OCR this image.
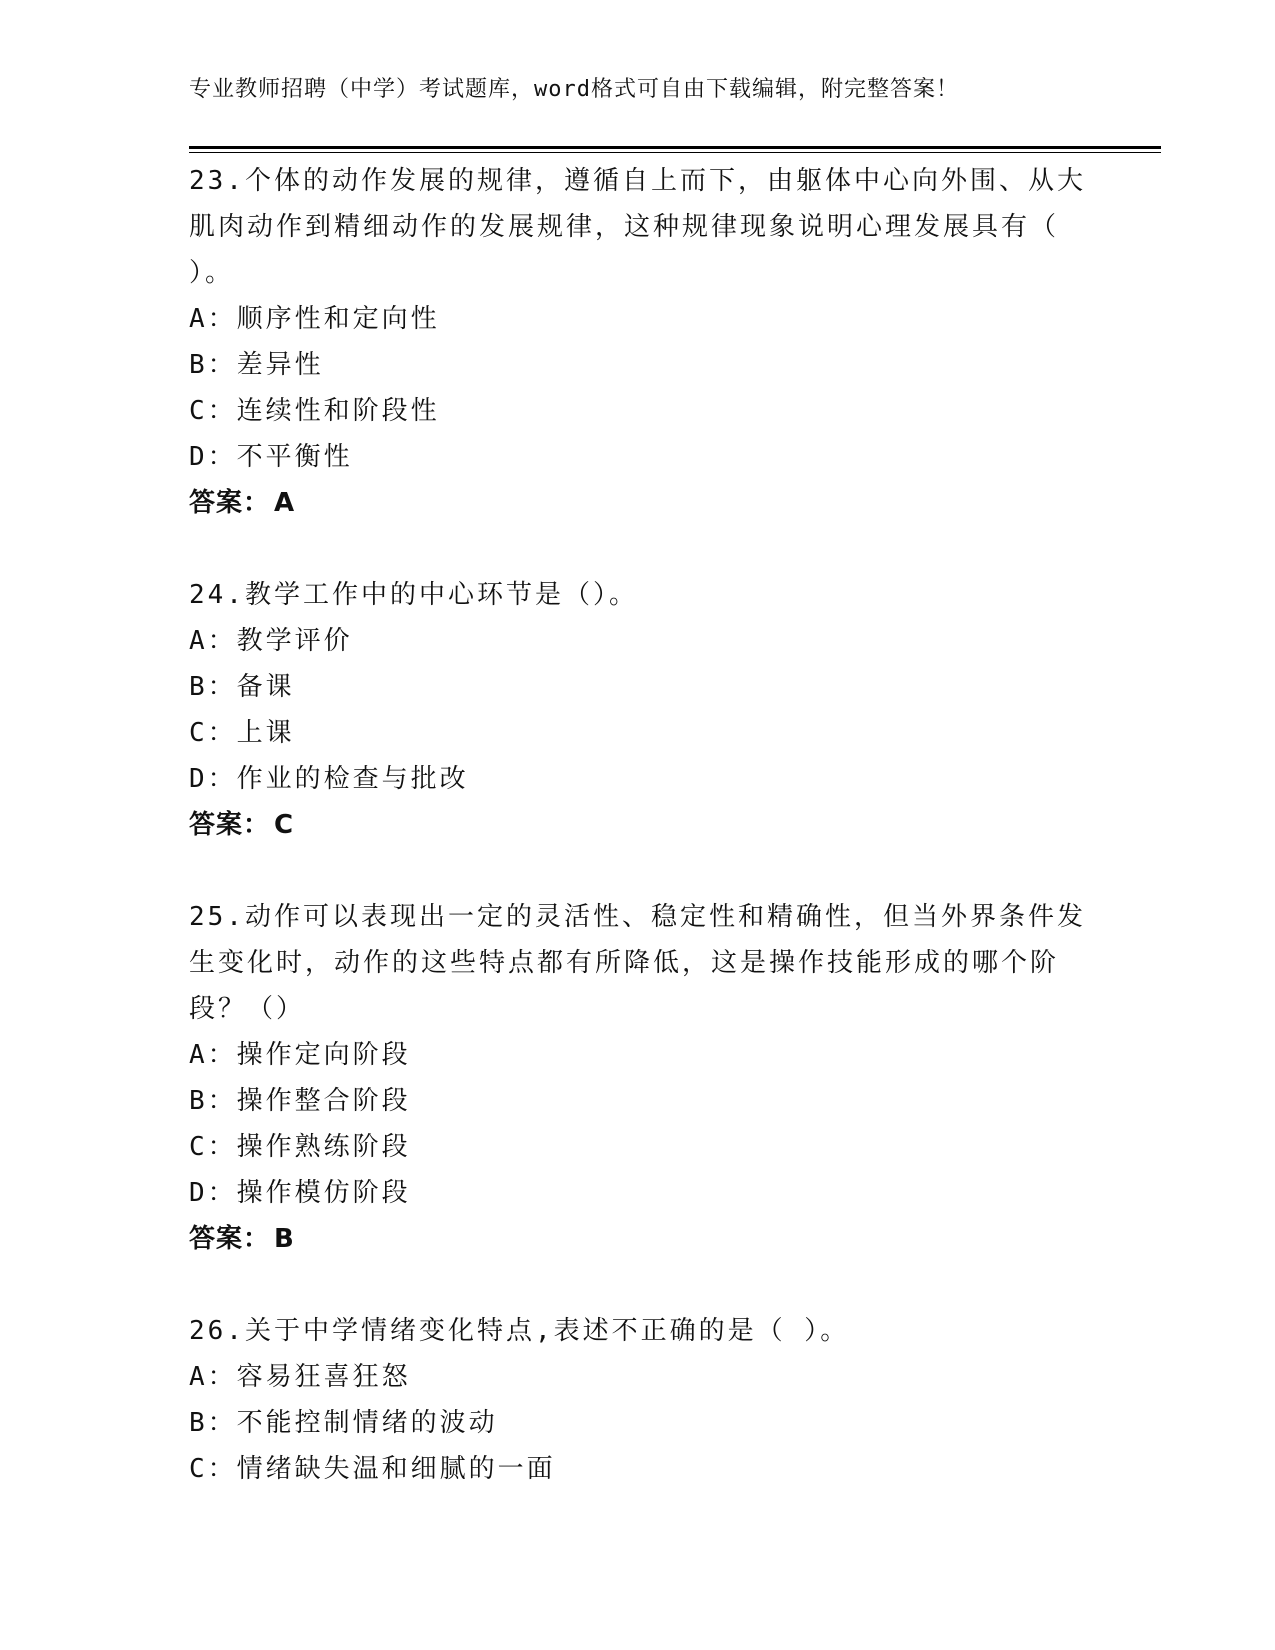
专业教师招聘（中学）考试题库，word格式可自由下载编辑，附完整答案！
23.个体的动作发展的规律，遵循自上而下，由躯体中心向外围、从大
肌肉动作到精细动作的发展规律，这种规律现象说明心理发展具有（
）。
A：顺序性和定向性
B：差异性
C：连续性和阶段性
D：不平衡性
答案： A
24.教学工作中的中心环节是（）。
A：教学评价
B：备课
C：上课
D：作业的检查与批改
答案： C
25.动作可以表现出一定的灵活性、稳定性和精确性，但当外界条件发
生变化时，动作的这些特点都有所降低，这是操作技能形成的哪个阶
段？（）
A：操作定向阶段
B：操作整合阶段
C：操作熟练阶段
D：操作模仿阶段
答案： B
26.关于中学情绪变化特点,表述不正确的是（ ）。
A：容易狂喜狂怒
B：不能控制情绪的波动
C：情绪缺失温和细腻的一面
